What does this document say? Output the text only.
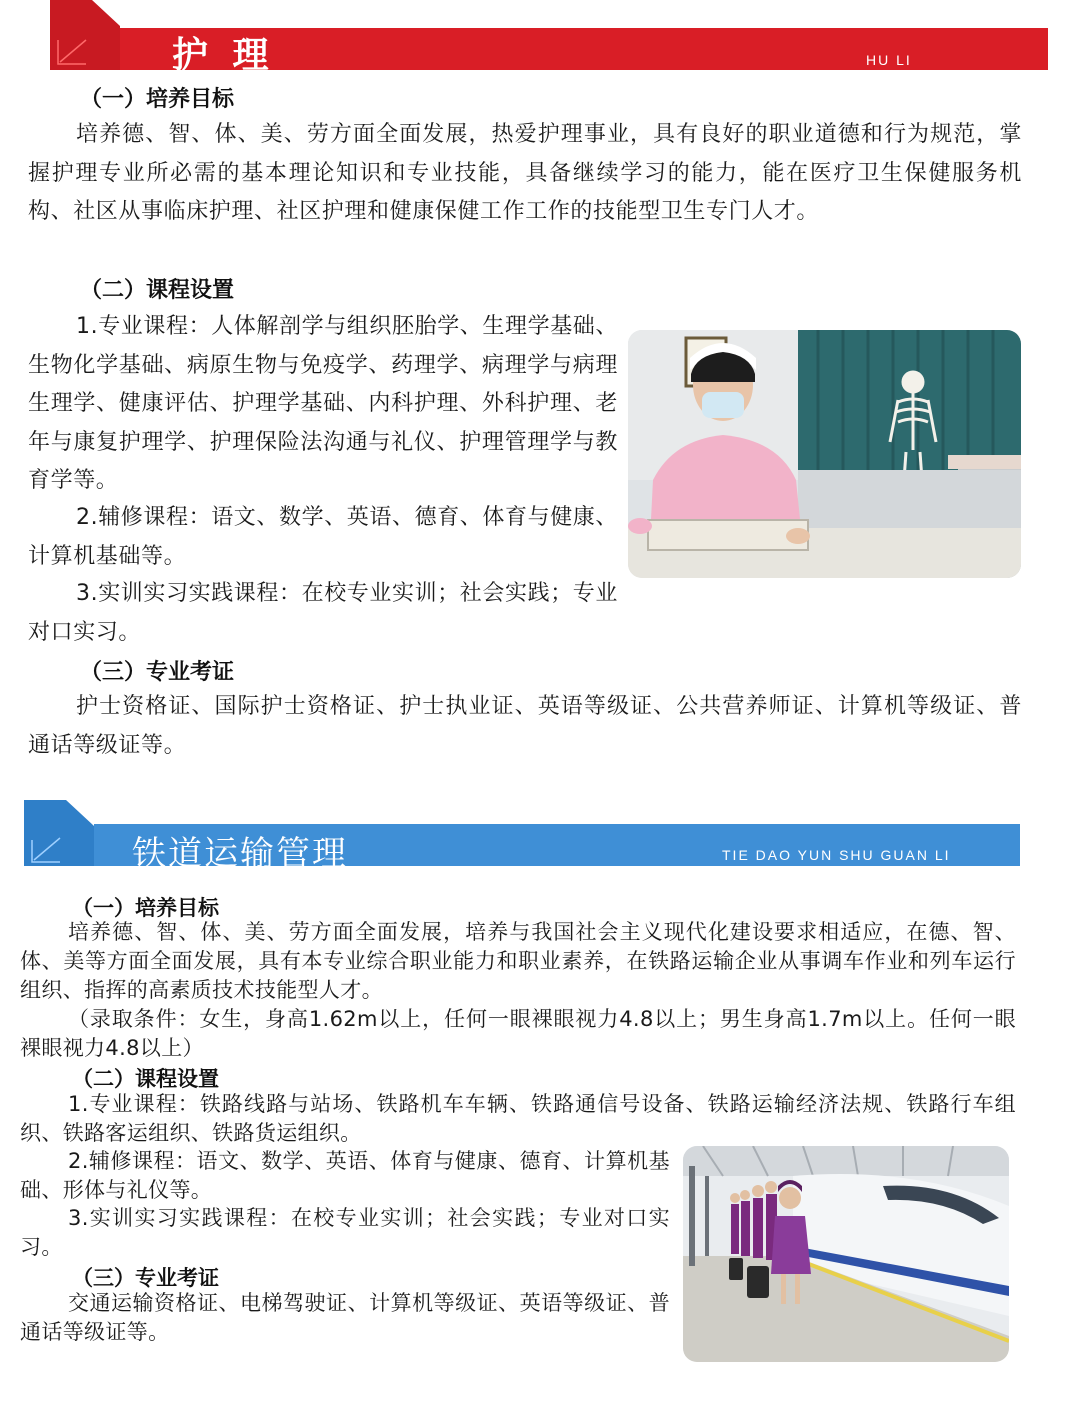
护 理	HU LI
（一）培养目标

培养德、智、体、美、劳方面全面发展，热爱护理事业，具有良好的职业道德和行为规范，掌握护理专业所必需的基本理论知识和专业技能，具备继续学习的能力，能在医疗卫生保健服务机构、社区从事临床护理、社区护理和健康保健工作工作的技能型卫生专门人才。

（二）课程设置

1.专业课程：人体解剖学与组织胚胎学、生理学基础、生物化学基础、病原生物与免疫学、药理学、病理学与病理生理学、健康评估、护理学基础、内科护理、外科护理、老年与康复护理学、护理保险法沟通与礼仪、护理管理学与教育学等。

2.辅修课程：语文、数学、英语、德育、体育与健康、计算机基础等。

3.实训实习实践课程：在校专业实训；社会实践；专业对口实习。

（三）专业考证

护士资格证、国际护士资格证、护士执业证、英语等级证、公共营养师证、计算机等级证、普通话等级证等。

铁道运输管理	TIE DAO YUN SHU GUAN LI
（一）培养目标

培养德、智、体、美、劳方面全面发展，培养与我国社会主义现代化建设要求相适应，在德、智、体、美等方面全面发展，具有本专业综合职业能力和职业素养，在铁路运输企业从事调车作业和列车运行组织、指挥的高素质技术技能型人才。

（录取条件：女生，身高1.62m以上，任何一眼裸眼视力4.8以上；男生身高1.7m以上。任何一眼裸眼视力4.8以上）

（二）课程设置

1.专业课程：铁路线路与站场、铁路机车车辆、铁路通信号设备、铁路运输经济法规、铁路行车组织、铁路客运组织、铁路货运组织。

2.辅修课程：语文、数学、英语、体育与健康、德育、计算机基础、形体与礼仪等。

3.实训实习实践课程：在校专业实训；社会实践；专业对口实习。

（三）专业考证

交通运输资格证、电梯驾驶证、计算机等级证、英语等级证、普通话等级证等。
